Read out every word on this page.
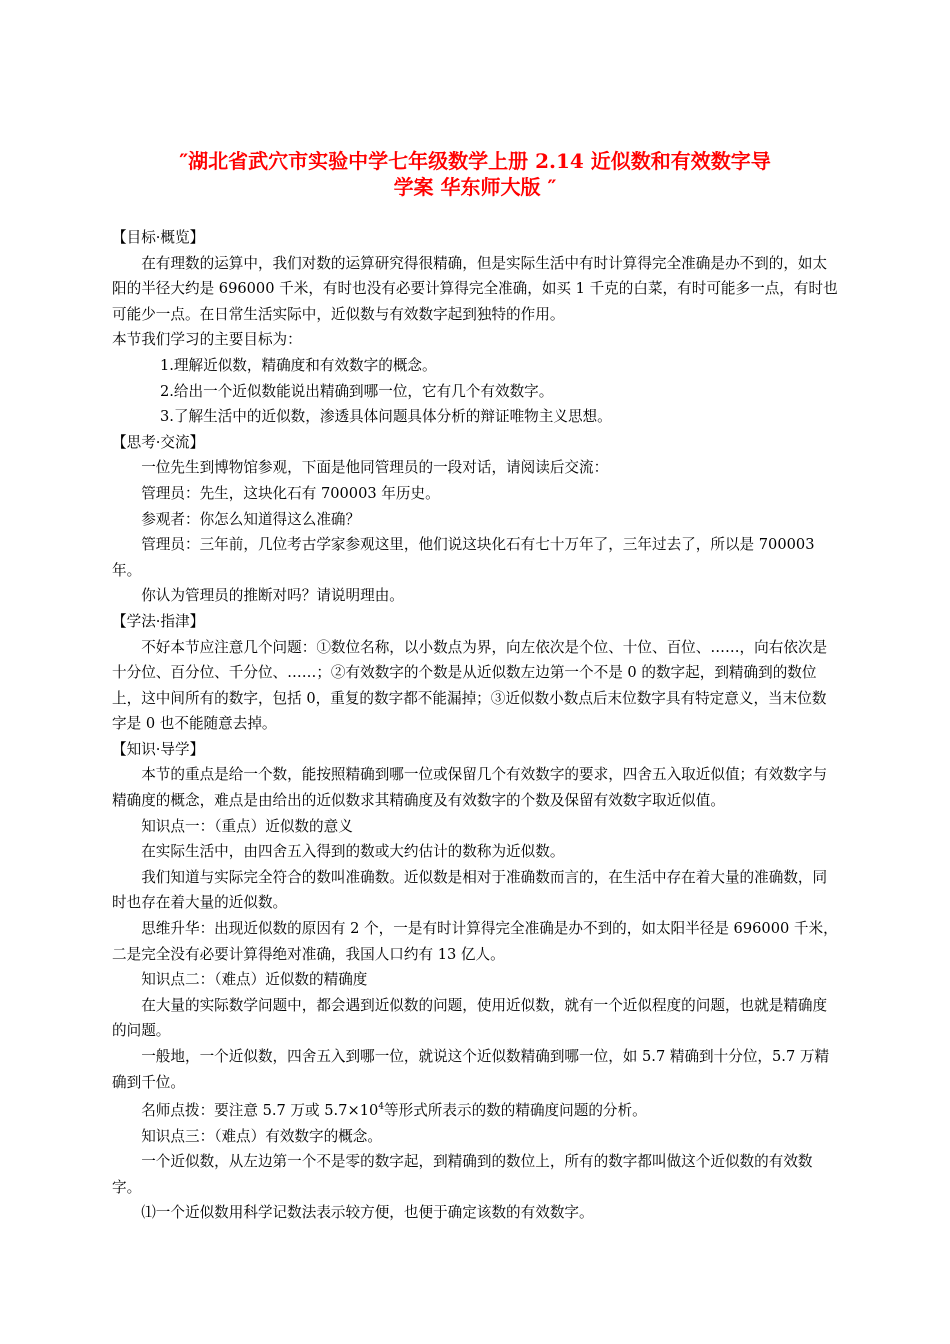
″湖北省武穴市实验中学七年级数学上册 2.14 近似数和有效数字导
学案 华东师大版 ″

【目标·概览】

在有理数的运算中，我们对数的运算研究得很精确，但是实际生活中有时计算得完全准确是办不到的，如太阳的半径大约是 696000 千米，有时也没有必要计算得完全准确，如买 1 千克的白菜，有时可能多一点，有时也可能少一点。在日常生活实际中，近似数与有效数字起到独特的作用。

本节我们学习的主要目标为：

1.理解近似数，精确度和有效数字的概念。

2.给出一个近似数能说出精确到哪一位，它有几个有效数字。

3.了解生活中的近似数，渗透具体问题具体分析的辩证唯物主义思想。

【思考·交流】

一位先生到博物馆参观，下面是他同管理员的一段对话，请阅读后交流：

管理员：先生，这块化石有 700003 年历史。

参观者：你怎么知道得这么准确？

管理员：三年前，几位考古学家参观这里，他们说这块化石有七十万年了，三年过去了，所以是 700003 年。

你认为管理员的推断对吗？请说明理由。

【学法·指津】

不好本节应注意几个问题：①数位名称，以小数点为界，向左依次是个位、十位、百位、……，向右依次是十分位、百分位、千分位、……；②有效数字的个数是从近似数左边第一个不是 0 的数字起，到精确到的数位上，这中间所有的数字，包括 0，重复的数字都不能漏掉；③近似数小数点后末位数字具有特定意义，当末位数字是 0 也不能随意去掉。

【知识·导学】

本节的重点是给一个数，能按照精确到哪一位或保留几个有效数字的要求，四舍五入取近似值；有效数字与精确度的概念，难点是由给出的近似数求其精确度及有效数字的个数及保留有效数字取近似值。

知识点一：（重点）近似数的意义

在实际生活中，由四舍五入得到的数或大约估计的数称为近似数。

我们知道与实际完全符合的数叫准确数。近似数是相对于准确数而言的，在生活中存在着大量的准确数，同时也存在着大量的近似数。

思维升华：出现近似数的原因有 2 个，一是有时计算得完全准确是办不到的，如太阳半径是 696000 千米，二是完全没有必要计算得绝对准确，我国人口约有 13 亿人。

知识点二：（难点）近似数的精确度

在大量的实际数学问题中，都会遇到近似数的问题，使用近似数，就有一个近似程度的问题，也就是精确度的问题。

一般地，一个近似数，四舍五入到哪一位，就说这个近似数精确到哪一位，如 5.7 精确到十分位，5.7 万精确到千位。

名师点拨：要注意 5.7 万或 $5.7\times 10^4$等形式所表示的数的精确度问题的分析。

知识点三：（难点）有效数字的概念。

一个近似数，从左边第一个不是零的数字起，到精确到的数位上，所有的数字都叫做这个近似数的有效数字。

⑴一个近似数用科学记数法表示较方便，也便于确定该数的有效数字。
